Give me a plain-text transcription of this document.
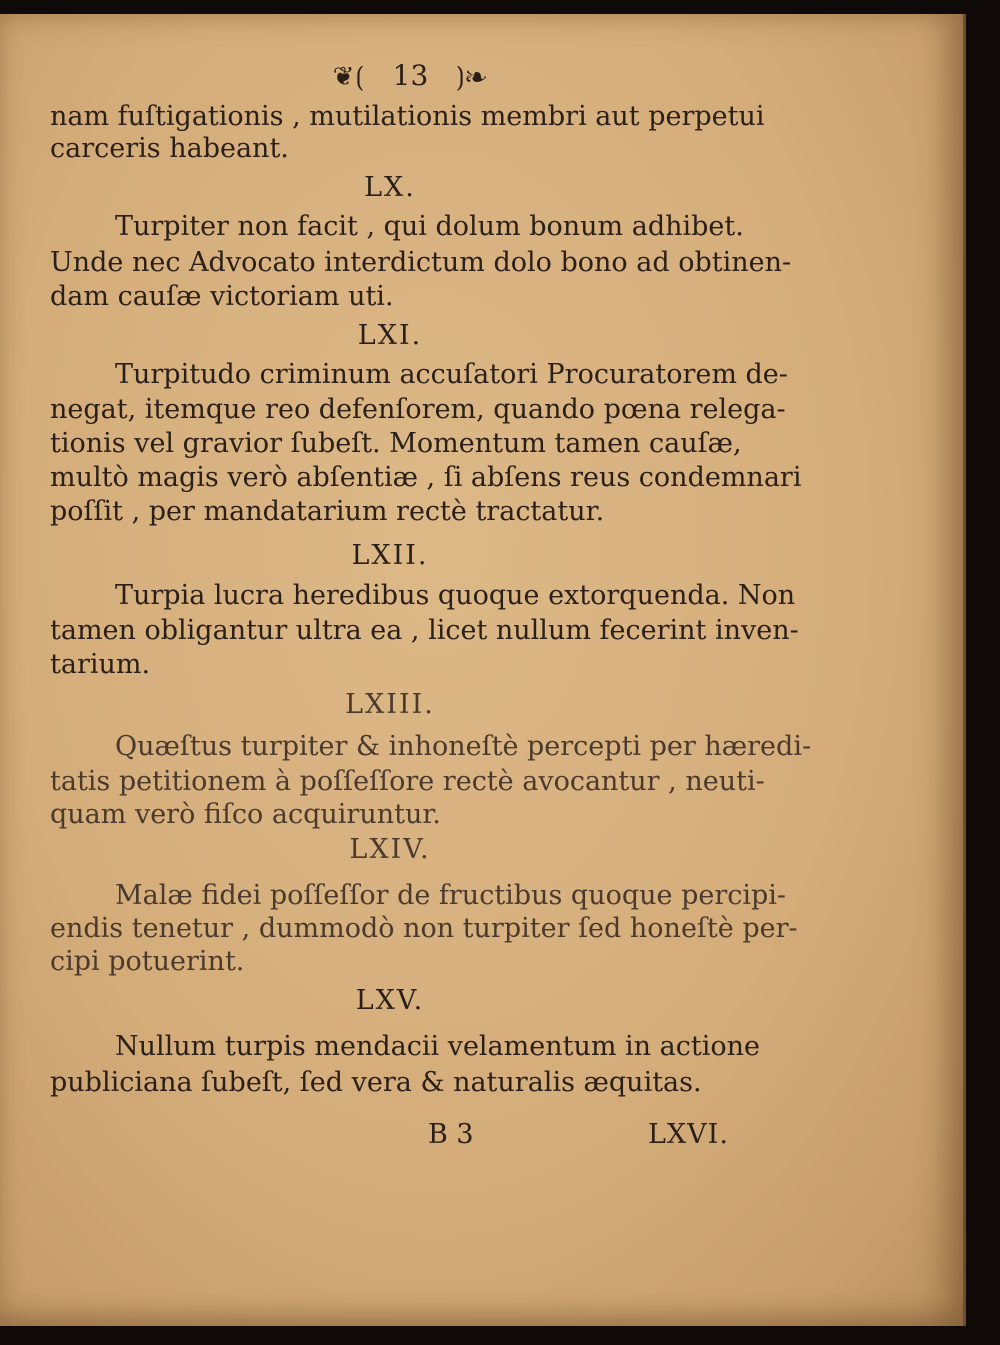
❦⟮ 13 ⟯❧
nam fuſtigationis , mutilationis membri aut perpetui
carceris habeant.
LX.
Turpiter non facit , qui dolum bonum adhibet.
Unde nec Advocato interdictum dolo bono ad obtinen-
dam cauſæ victoriam uti.
LXI.
Turpitudo criminum accuſatori Procuratorem de-
negat, itemque reo defenſorem, quando pœna relega-
tionis vel gravior ſubeſt. Momentum tamen cauſæ,
multò magis verò abſentiæ , ſi abſens reus condemnari
poſſit , per mandatarium rectè tractatur.
LXII.
Turpia lucra heredibus quoque extorquenda. Non
tamen obligantur ultra ea , licet nullum fecerint inven-
tarium.
LXIII.
Quæſtus turpiter & inhoneſtè percepti per hæredi-
tatis petitionem à poſſeſſore rectè avocantur , neuti-
quam verò fiſco acquiruntur.
LXIV.
Malæ fidei poſſeſſor de fructibus quoque percipi-
endis tenetur , dummodò non turpiter ſed honeſtè per-
cipi potuerint.
LXV.
Nullum turpis mendacii velamentum in actione
publiciana ſubeſt, ſed vera & naturalis æquitas.
B 3	LXVI.
